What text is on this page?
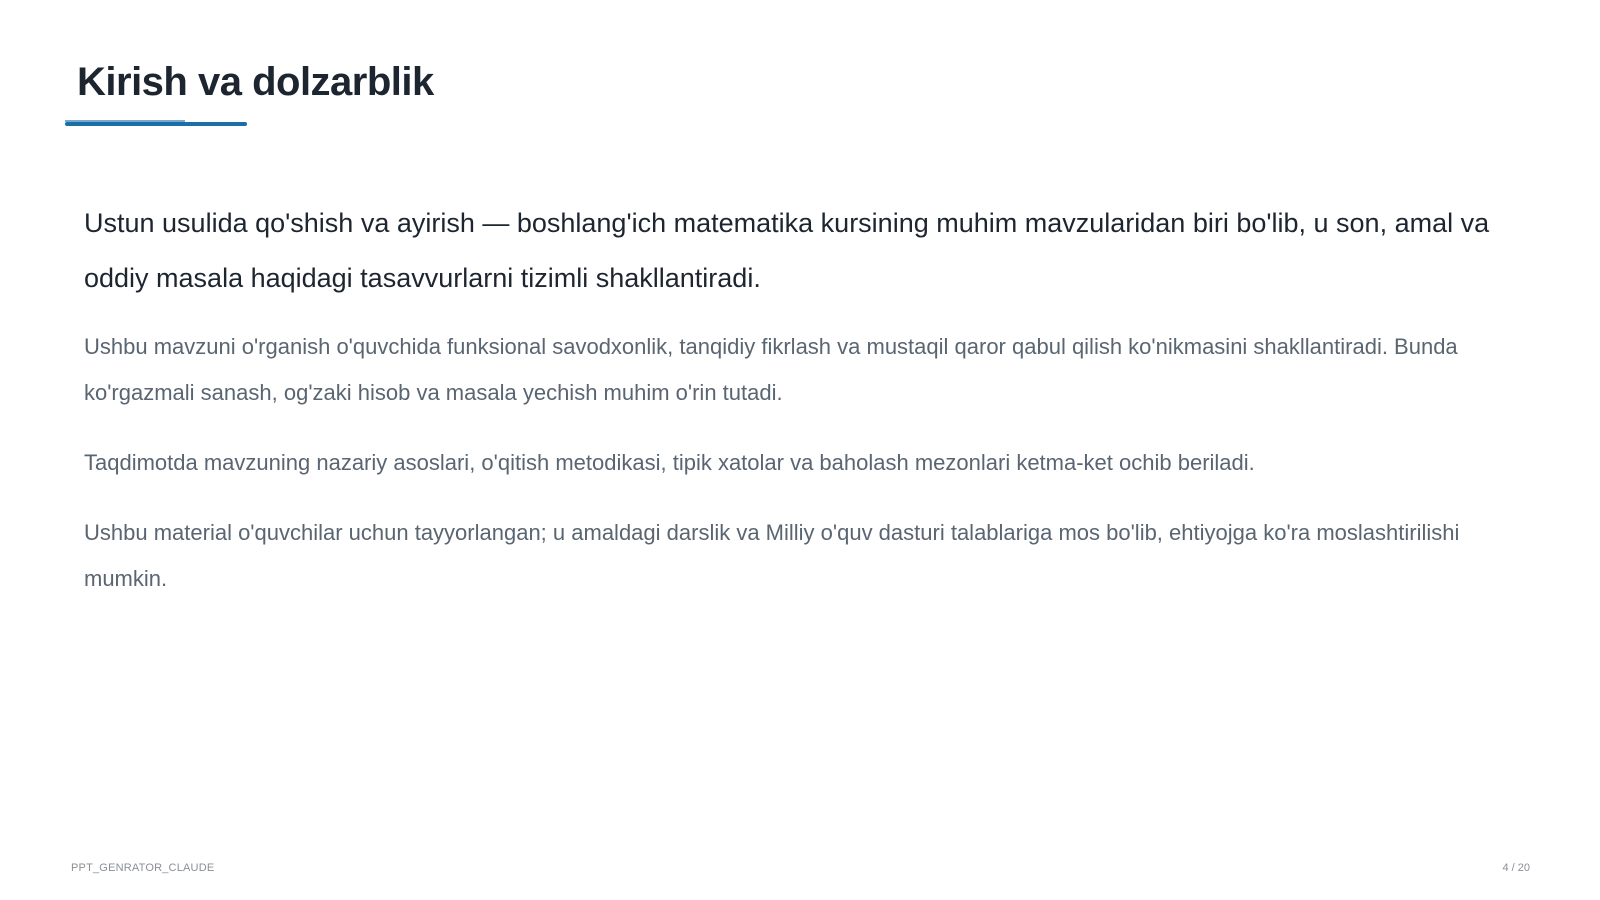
Kirish va dolzarblik

Ustun usulida qo'shish va ayirish — boshlang'ich matematika kursining muhim mavzularidan biri bo'lib, u son, amal va oddiy masala haqidagi tasavvurlarni tizimli shakllantiradi.

Ushbu mavzuni o'rganish o'quvchida funksional savodxonlik, tanqidiy fikrlash va mustaqil qaror qabul qilish ko'nikmasini shakllantiradi. Bunda ko'rgazmali sanash, og'zaki hisob va masala yechish muhim o'rin tutadi.

Taqdimotda mavzuning nazariy asoslari, o'qitish metodikasi, tipik xatolar va baholash mezonlari ketma-ket ochib beriladi.

Ushbu material o'quvchilar uchun tayyorlangan; u amaldagi darslik va Milliy o'quv dasturi talablariga mos bo'lib, ehtiyojga ko'ra moslashtirilishi mumkin.

PPT_GENRATOR_CLAUDE	4 / 20
